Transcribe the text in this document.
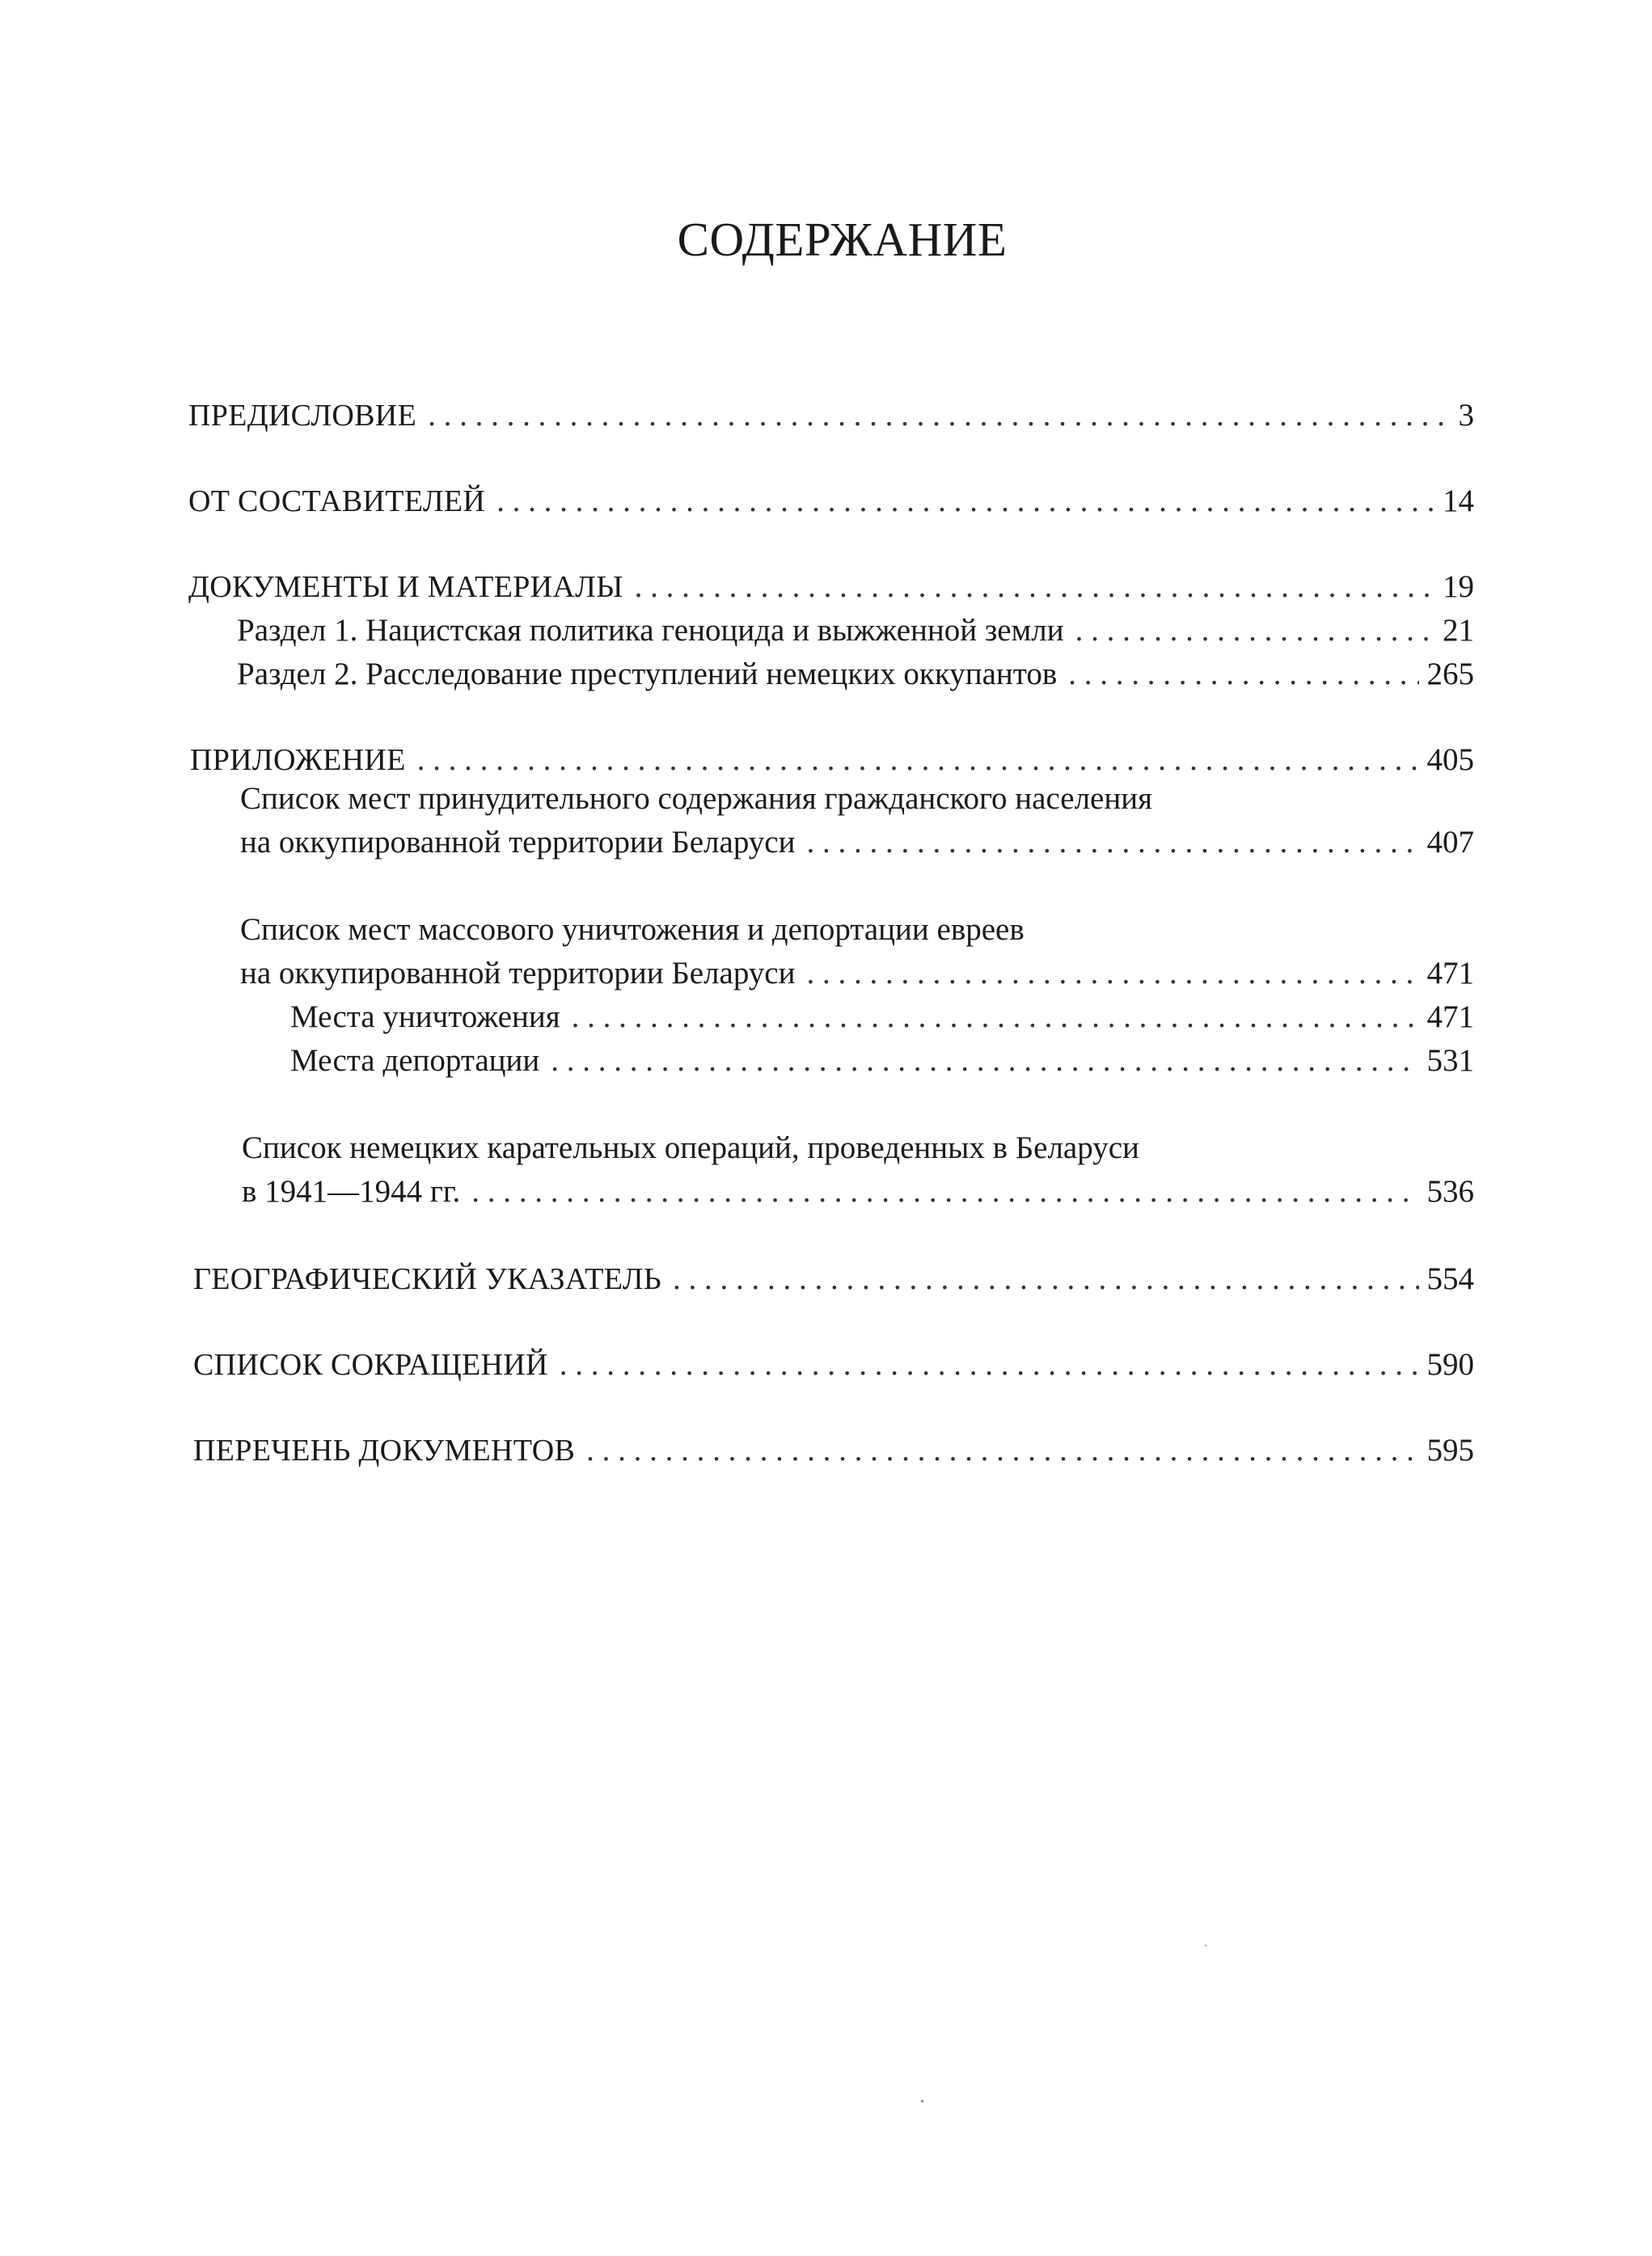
СОДЕРЖАНИЕ
ПРЕДИСЛОВИЕ . . .	3
ОТ СОСТАВИТЕЛЕЙ . . .	14
ДОКУМЕНТЫ И МАТЕРИАЛЫ . . .	19
Раздел 1. Нацистская политика геноцида и выжженной земли . . .	21
Раздел 2. Расследование преступлений немецких оккупантов . . .	265
ПРИЛОЖЕНИЕ . . .	405
Список мест принудительного содержания гражданского населения
на оккупированной территории Беларуси . . .	407
Список мест массового уничтожения и депортации евреев
на оккупированной территории Беларуси . . .	471
Места уничтожения . . .	471
Места депортации . . .	531
Список немецких карательных операций, проведенных в Беларуси
в 1941—1944 гг. . . .	536
ГЕОГРАФИЧЕСКИЙ УКАЗАТЕЛЬ . . .	554
СПИСОК СОКРАЩЕНИЙ . . .	590
ПЕРЕЧЕНЬ ДОКУМЕНТОВ . . .	595
